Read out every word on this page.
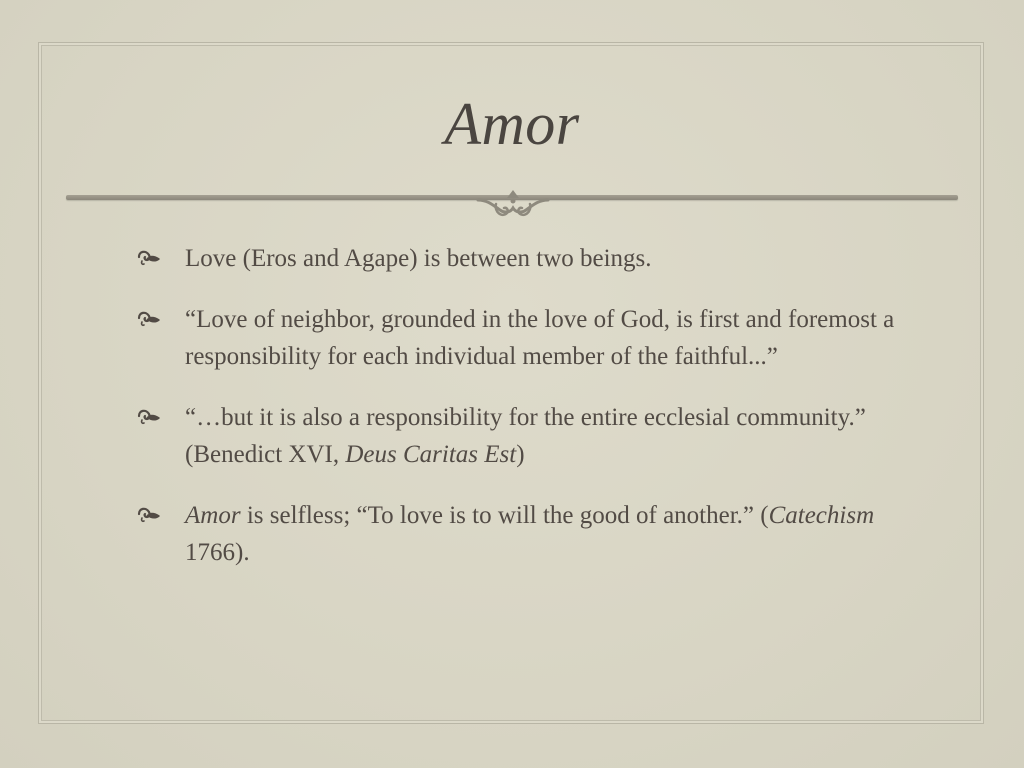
Amor
Love (Eros and Agape) is between two beings.
“Love of neighbor, grounded in the love of God, is first and foremost a responsibility for each individual member of the faithful...”
“…but it is also a responsibility for the entire ecclesial community.” (Benedict XVI, Deus Caritas Est)
Amor is selfless; “To love is to will the good of another.” (Catechism 1766).
